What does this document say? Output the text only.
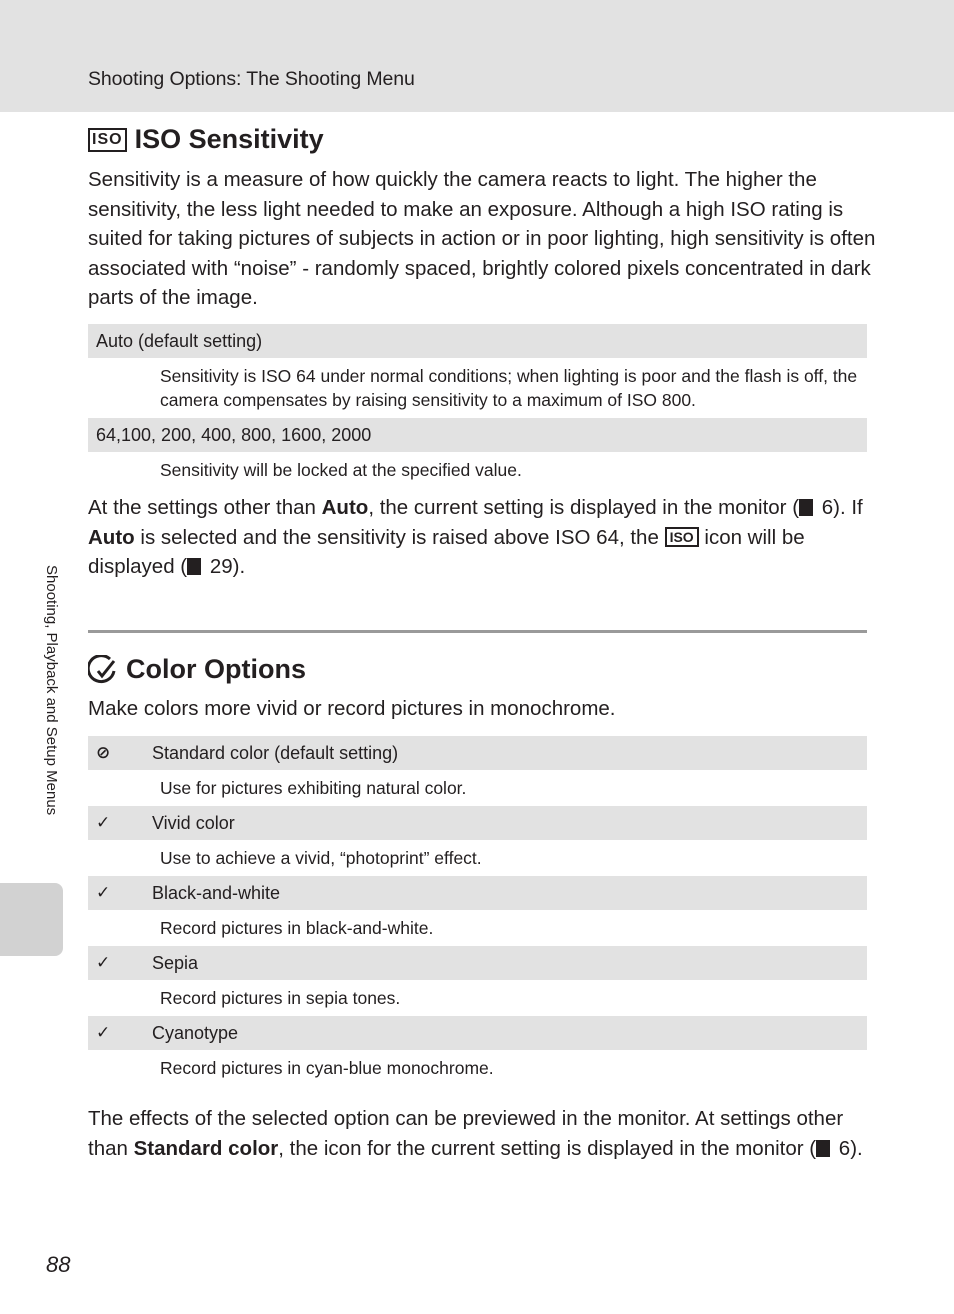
Shooting Options: The Shooting Menu
Shooting, Playback and Setup Menus
ISO ISO Sensitivity
Sensitivity is a measure of how quickly the camera reacts to light. The higher the sensitivity, the less light needed to make an exposure. Although a high ISO rating is suited for taking pictures of subjects in action or in poor lighting, high sensitivity is often associated with “noise” - randomly spaced, brightly colored pixels concentrated in dark parts of the image.
Auto (default setting)
Sensitivity is ISO 64 under normal conditions; when lighting is poor and the flash is off, the camera compensates by raising sensitivity to a maximum of ISO 800.
64,100, 200, 400, 800, 1600, 2000
Sensitivity will be locked at the specified value.
At the settings other than Auto, the current setting is displayed in the monitor ( 6). If Auto is selected and the sensitivity is raised above ISO 64, the ISO icon will be displayed ( 29).
Color Options
Make colors more vivid or record pictures in monochrome.
⊘	Standard color (default setting)
Use for pictures exhibiting natural color.
✓	Vivid color
Use to achieve a vivid, “photoprint” effect.
✓	Black-and-white
Record pictures in black-and-white.
✓	Sepia
Record pictures in sepia tones.
✓	Cyanotype
Record pictures in cyan-blue monochrome.
The effects of the selected option can be previewed in the monitor. At settings other than Standard color, the icon for the current setting is displayed in the monitor ( 6).
88
